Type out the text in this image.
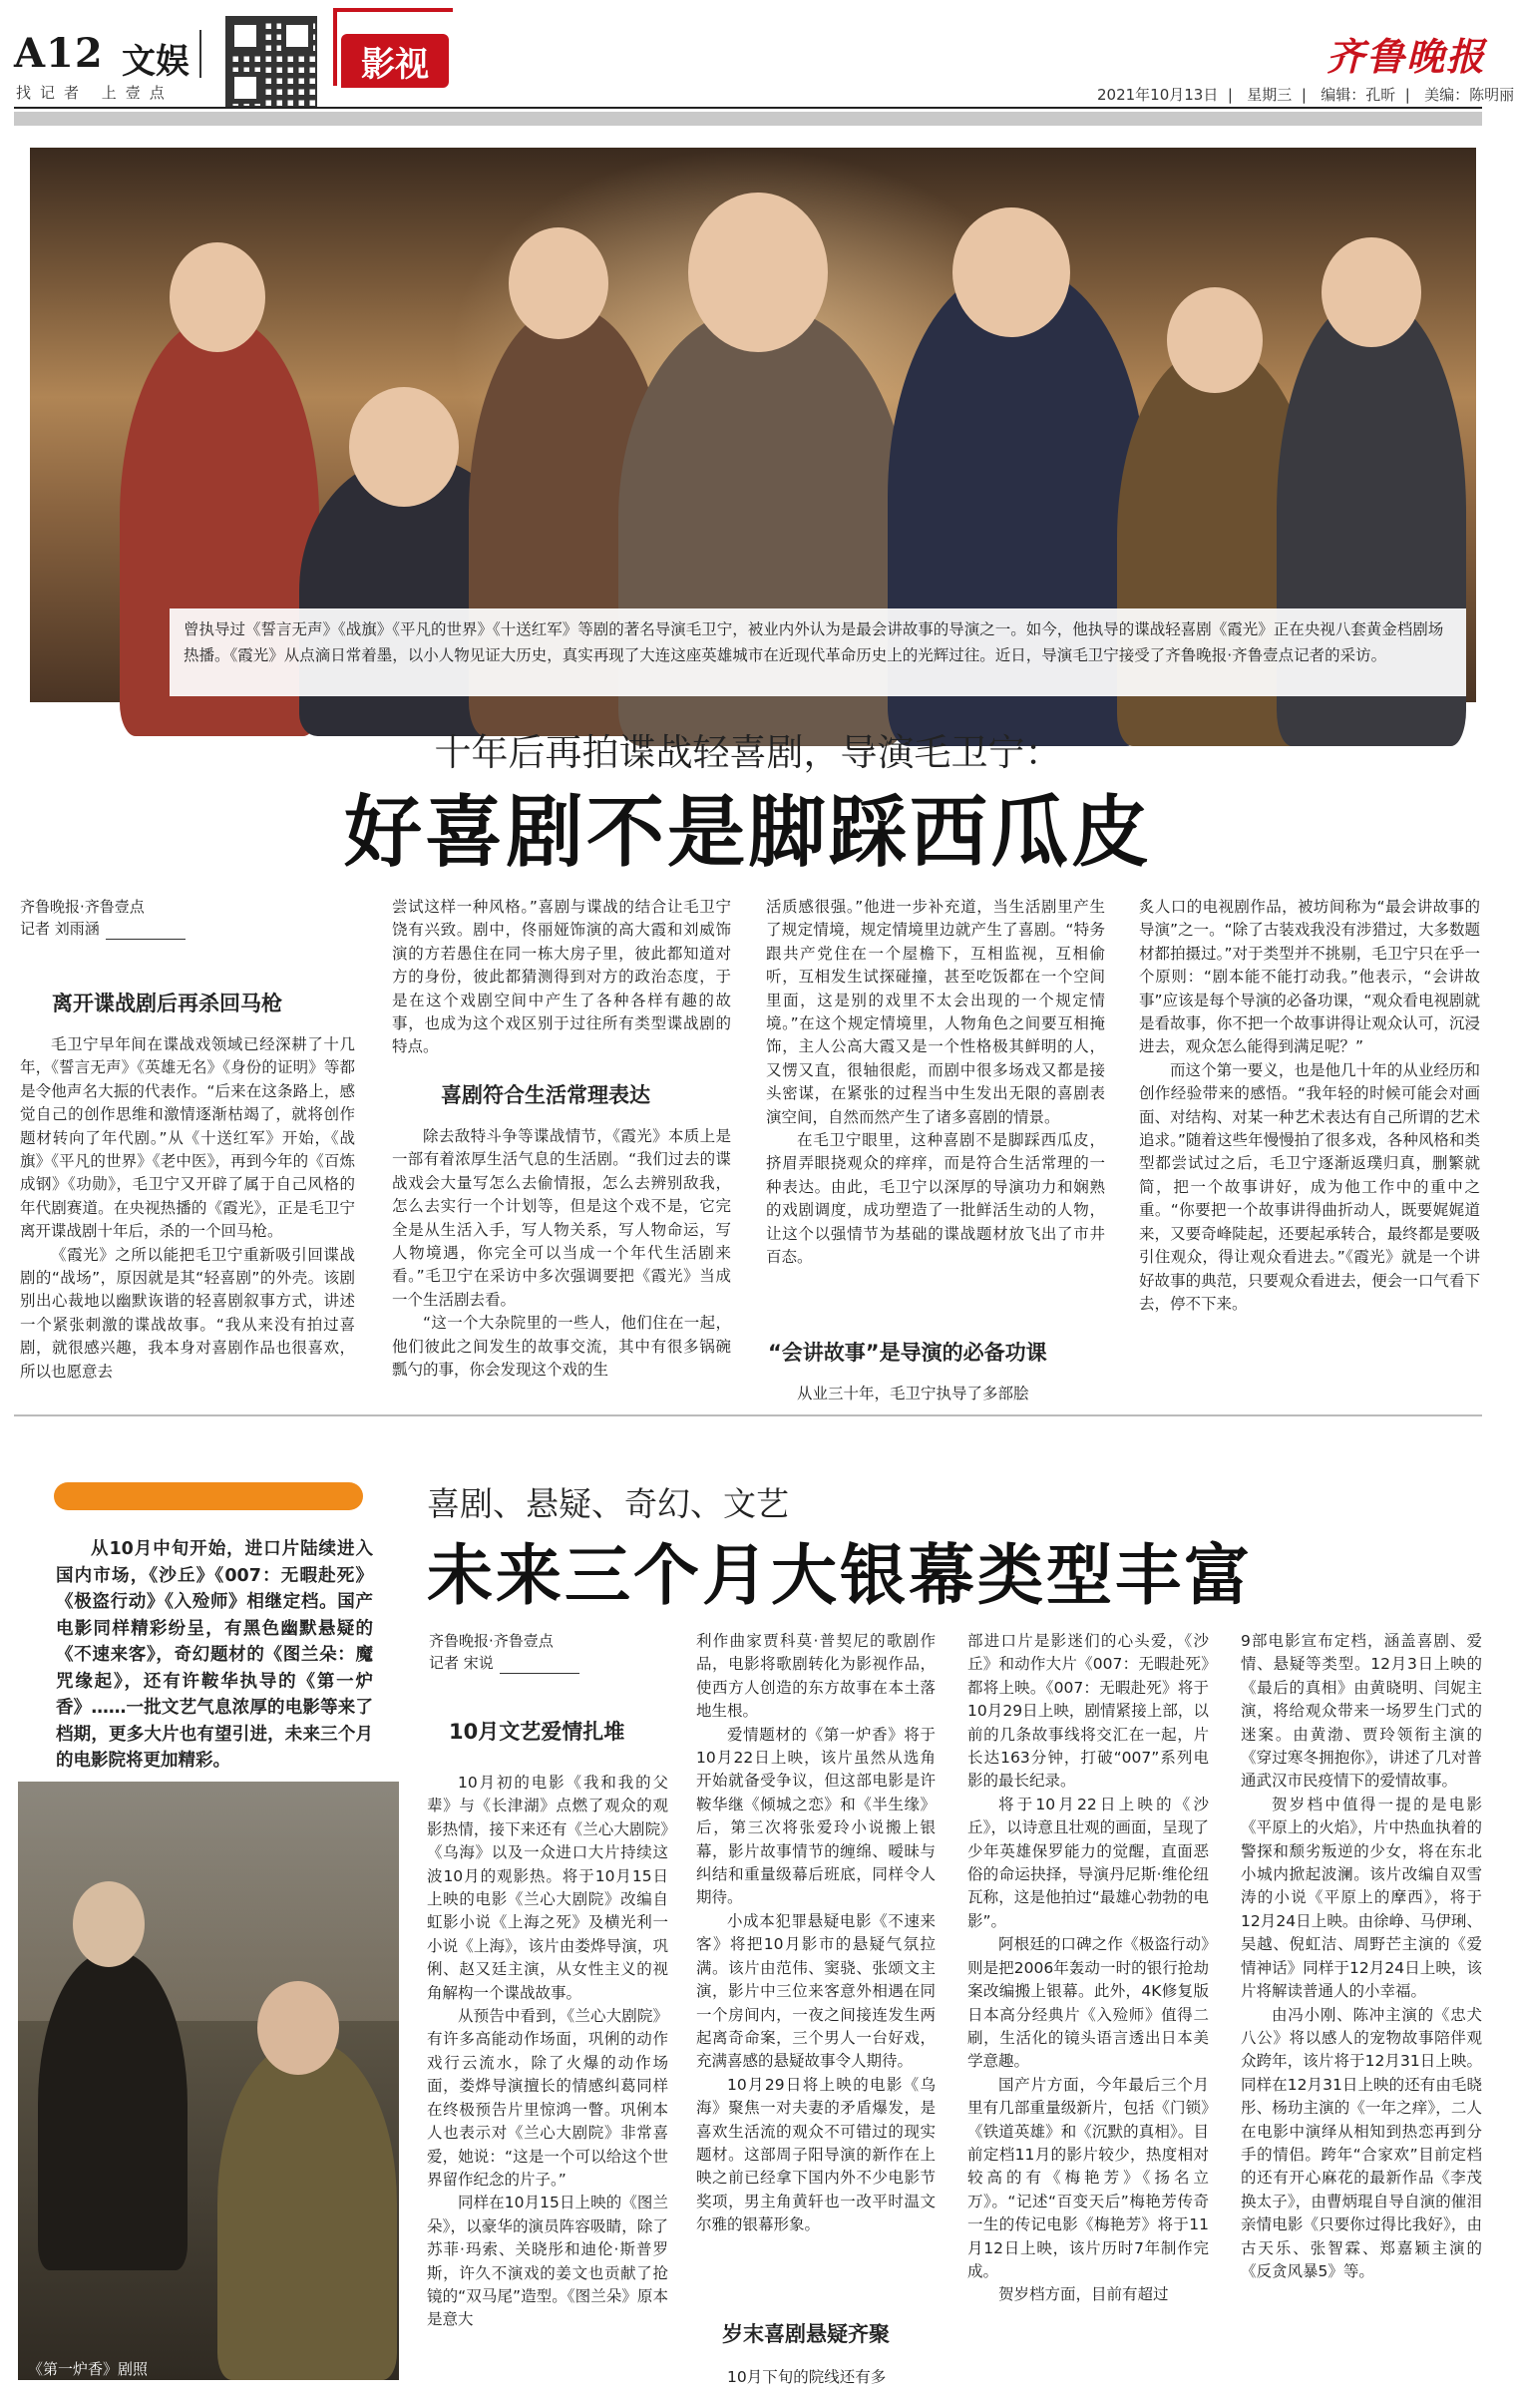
A12 文娱
找记者 上壹点
影视	齐鲁晚报
2021年10月13日  |   星期三  |   编辑：孔昕  |   美编：陈明丽
曾执导过《誓言无声》《战旗》《平凡的世界》《十送红军》等剧的著名导演毛卫宁，被业内外认为是最会讲故事的导演之一。如今，他执导的谍战轻喜剧《霞光》正在央视八套黄金档剧场热播。《霞光》从点滴日常着墨，以小人物见证大历史，真实再现了大连这座英雄城市在近现代革命历史上的光辉过往。近日，导演毛卫宁接受了齐鲁晚报·齐鲁壹点记者的采访。
十年后再拍谍战轻喜剧，导演毛卫宁：
好喜剧不是脚踩西瓜皮
齐鲁晚报·齐鲁壹点
记者 刘雨涵
离开谍战剧后再杀回马枪

毛卫宁早年间在谍战戏领域已经深耕了十几年，《誓言无声》《英雄无名》《身份的证明》等都是令他声名大振的代表作。“后来在这条路上，感觉自己的创作思维和激情逐渐枯竭了，就将创作题材转向了年代剧。”从《十送红军》开始，《战旗》《平凡的世界》《老中医》，再到今年的《百炼成钢》《功勋》，毛卫宁又开辟了属于自己风格的年代剧赛道。在央视热播的《霞光》，正是毛卫宁离开谍战剧十年后，杀的一个回马枪。

《霞光》之所以能把毛卫宁重新吸引回谍战剧的“战场”，原因就是其“轻喜剧”的外壳。该剧别出心裁地以幽默诙谐的轻喜剧叙事方式，讲述一个紧张刺激的谍战故事。“我从来没有拍过喜剧，就很感兴趣，我本身对喜剧作品也很喜欢，所以也愿意去

尝试这样一种风格。”喜剧与谍战的结合让毛卫宁饶有兴致。剧中，佟丽娅饰演的高大霞和刘威饰演的方若愚住在同一栋大房子里，彼此都知道对方的身份，彼此都猜测得到对方的政治态度，于是在这个戏剧空间中产生了各种各样有趣的故事，也成为这个戏区别于过往所有类型谍战剧的特点。

喜剧符合生活常理表达

除去敌特斗争等谍战情节，《霞光》本质上是一部有着浓厚生活气息的生活剧。“我们过去的谍战戏会大量写怎么去偷情报，怎么去辨别敌我，怎么去实行一个计划等，但是这个戏不是，它完全是从生活入手，写人物关系，写人物命运，写人物境遇，你完全可以当成一个年代生活剧来看。”毛卫宁在采访中多次强调要把《霞光》当成一个生活剧去看。

“这一个大杂院里的一些人，他们住在一起，他们彼此之间发生的故事交流，其中有很多锅碗瓢勺的事，你会发现这个戏的生

活质感很强。”他进一步补充道，当生活剧里产生了规定情境，规定情境里边就产生了喜剧。“特务跟共产党住在一个屋檐下，互相监视，互相偷听，互相发生试探碰撞，甚至吃饭都在一个空间里面，这是别的戏里不太会出现的一个规定情境。”在这个规定情境里，人物角色之间要互相掩饰，主人公高大霞又是一个性格极其鲜明的人，又愣又直，很轴很彪，而剧中很多场戏又都是接头密谋，在紧张的过程当中生发出无限的喜剧表演空间，自然而然产生了诸多喜剧的情景。

在毛卫宁眼里，这种喜剧不是脚踩西瓜皮，挤眉弄眼挠观众的痒痒，而是符合生活常理的一种表达。由此，毛卫宁以深厚的导演功力和娴熟的戏剧调度，成功塑造了一批鲜活生动的人物，让这个以强情节为基础的谍战题材放飞出了市井百态。

“会讲故事”是导演的必备功课

从业三十年，毛卫宁执导了多部脍

炙人口的电视剧作品，被坊间称为“最会讲故事的导演”之一。“除了古装戏我没有涉猎过，大多数题材都拍摄过。”对于类型并不挑剔，毛卫宁只在乎一个原则：“剧本能不能打动我。”他表示，“会讲故事”应该是每个导演的必备功课，“观众看电视剧就是看故事，你不把一个故事讲得让观众认可，沉浸进去，观众怎么能得到满足呢？”

而这个第一要义，也是他几十年的从业经历和创作经验带来的感悟。“我年轻的时候可能会对画面、对结构、对某一种艺术表达有自己所谓的艺术追求。”随着这些年慢慢拍了很多戏，各种风格和类型都尝试过之后，毛卫宁逐渐返璞归真，删繁就简，把一个故事讲好，成为他工作中的重中之重。“你要把一个故事讲得曲折动人，既要娓娓道来，又要奇峰陡起，还要起承转合，最终都是要吸引住观众，得让观众看进去。”《霞光》就是一个讲好故事的典范，只要观众看进去，便会一口气看下去，停不下来。

喜剧、悬疑、奇幻、文艺
未来三个月大银幕类型丰富

从10月中旬开始，进口片陆续进入国内市场，《沙丘》《007：无暇赴死》《极盗行动》《入殓师》相继定档。国产电影同样精彩纷呈，有黑色幽默悬疑的《不速来客》，奇幻题材的《图兰朵：魔咒缘起》，还有许鞍华执导的《第一炉香》……一批文艺气息浓厚的电影等来了档期，更多大片也有望引进，未来三个月的电影院将更加精彩。

《第一炉香》剧照
齐鲁晚报·齐鲁壹点
记者 宋说
10月文艺爱情扎堆

10月初的电影《我和我的父辈》与《长津湖》点燃了观众的观影热情，接下来还有《兰心大剧院》《乌海》以及一众进口大片持续这波10月的观影热。将于10月15日上映的电影《兰心大剧院》改编自虹影小说《上海之死》及横光利一小说《上海》，该片由娄烨导演，巩俐、赵又廷主演，从女性主义的视角解构一个谍战故事。

从预告中看到，《兰心大剧院》有许多高能动作场面，巩俐的动作戏行云流水，除了火爆的动作场面，娄烨导演擅长的情感纠葛同样在终极预告片里惊鸿一瞥。巩俐本人也表示对《兰心大剧院》非常喜爱，她说：“这是一个可以给这个世界留作纪念的片子。”

同样在10月15日上映的《图兰朵》，以豪华的演员阵容吸睛，除了苏菲·玛索、关晓彤和迪伦·斯普罗斯，许久不演戏的姜文也贡献了抢镜的“双马尾”造型。《图兰朵》原本是意大

利作曲家贾科莫·普契尼的歌剧作品，电影将歌剧转化为影视作品，使西方人创造的东方故事在本土落地生根。

爱情题材的《第一炉香》将于10月22日上映，该片虽然从选角开始就备受争议，但这部电影是许鞍华继《倾城之恋》和《半生缘》后，第三次将张爱玲小说搬上银幕，影片故事情节的缠绵、暧昧与纠结和重量级幕后班底，同样令人期待。

小成本犯罪悬疑电影《不速来客》将把10月影市的悬疑气氛拉满。该片由范伟、窦骁、张颂文主演，影片中三位来客意外相遇在同一个房间内，一夜之间接连发生两起离奇命案，三个男人一台好戏，充满喜感的悬疑故事令人期待。

10月29日将上映的电影《乌海》聚焦一对夫妻的矛盾爆发，是喜欢生活流的观众不可错过的现实题材。这部周子阳导演的新作在上映之前已经拿下国内外不少电影节奖项，男主角黄轩也一改平时温文尔雅的银幕形象。

岁末喜剧悬疑齐聚

10月下旬的院线还有多

部进口片是影迷们的心头爱，《沙丘》和动作大片《007：无暇赴死》都将上映。《007：无暇赴死》将于10月29日上映，剧情紧接上部，以前的几条故事线将交汇在一起，片长达163分钟，打破“007”系列电影的最长纪录。

将于10月22日上映的《沙丘》，以诗意且壮观的画面，呈现了少年英雄保罗能力的觉醒，直面恶俗的命运抉择，导演丹尼斯·维伦纽瓦称，这是他拍过“最雄心勃勃的电影”。

阿根廷的口碑之作《极盗行动》则是把2006年轰动一时的银行抢劫案改编搬上银幕。此外，4K修复版日本高分经典片《入殓师》值得二刷，生活化的镜头语言透出日本美学意趣。

国产片方面，今年最后三个月里有几部重量级新片，包括《门锁》《铁道英雄》和《沉默的真相》。目前定档11月的影片较少，热度相对较高的有《梅艳芳》《扬名立万》。“记述“百变天后”梅艳芳传奇一生的传记电影《梅艳芳》将于11月12日上映，该片历时7年制作完成。

贺岁档方面，目前有超过

9部电影宣布定档，涵盖喜剧、爱情、悬疑等类型。12月3日上映的《最后的真相》由黄晓明、闫妮主演，将给观众带来一场罗生门式的迷案。由黄渤、贾玲领衔主演的《穿过寒冬拥抱你》，讲述了几对普通武汉市民疫情下的爱情故事。

贺岁档中值得一提的是电影《平原上的火焰》，片中热血执着的警探和颓劣叛逆的少女，将在东北小城内掀起波澜。该片改编自双雪涛的小说《平原上的摩西》，将于12月24日上映。由徐峥、马伊琍、吴越、倪虹洁、周野芒主演的《爱情神话》同样于12月24日上映，该片将解读普通人的小幸福。

由冯小刚、陈冲主演的《忠犬八公》将以感人的宠物故事陪伴观众跨年，该片将于12月31日上映。同样在12月31日上映的还有由毛晓彤、杨玏主演的《一年之痒》，二人在电影中演绎从相知到热恋再到分手的情侣。跨年“合家欢”目前定档的还有开心麻花的最新作品《李茂换太子》，由曹炳琨自导自演的催泪亲情电影《只要你过得比我好》，由古天乐、张智霖、郑嘉颖主演的《反贪风暴5》等。
